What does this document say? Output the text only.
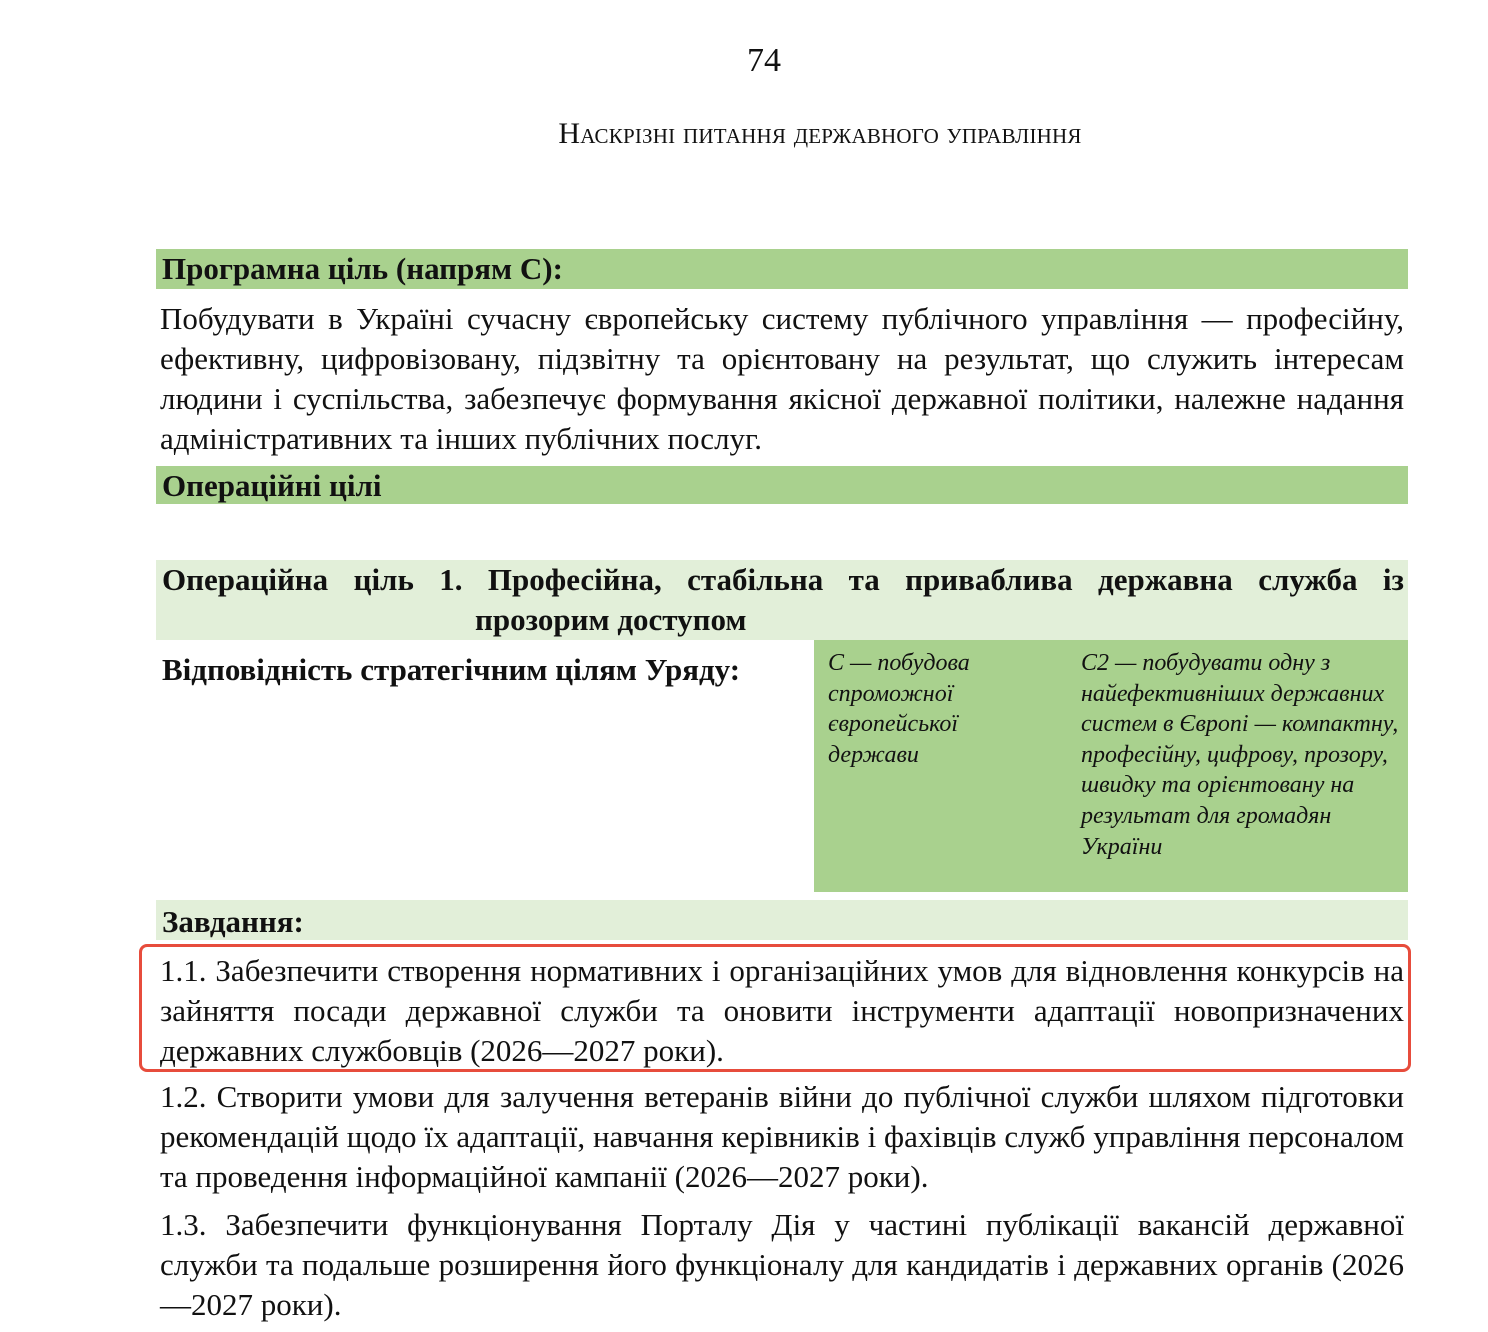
74
Наскрізні питання державного управління
Програмна ціль (напрям С):
Побудувати в Україні сучасну європейську систему публічного управління — професійну, ефективну, цифровізовану, підзвітну та орієнтовану на результат, що служить інтересам людини і суспільства, забезпечує формування якісної державної політики, належне надання адміністративних та інших публічних послуг.
Операційні цілі
Операційна ціль 1. Професійна, стабільна та приваблива державна служба із
прозорим доступом
Відповідність стратегічним цілям Уряду:	С — побудова спроможної європейської держави
С2 — побудувати одну з найефективніших державних систем в Європі — компактну, професійну, цифрову, прозору, швидку та орієнтовану на результат для громадян України
Завдання:
1.1. Забезпечити створення нормативних і організаційних умов для відновлення конкурсів на зайняття посади державної служби та оновити інструменти адаптації новопризначених державних службовців (2026—2027 роки).
1.2. Створити умови для залучення ветеранів війни до публічної служби шляхом підготовки рекомендацій щодо їх адаптації, навчання керівників і фахівців служб управління персоналом та проведення інформаційної кампанії (2026—2027 роки).
1.3. Забезпечити функціонування Порталу Дія у частині публікації вакансій державної служби та подальше розширення його функціоналу для кандидатів і державних органів (2026—2027 роки).
